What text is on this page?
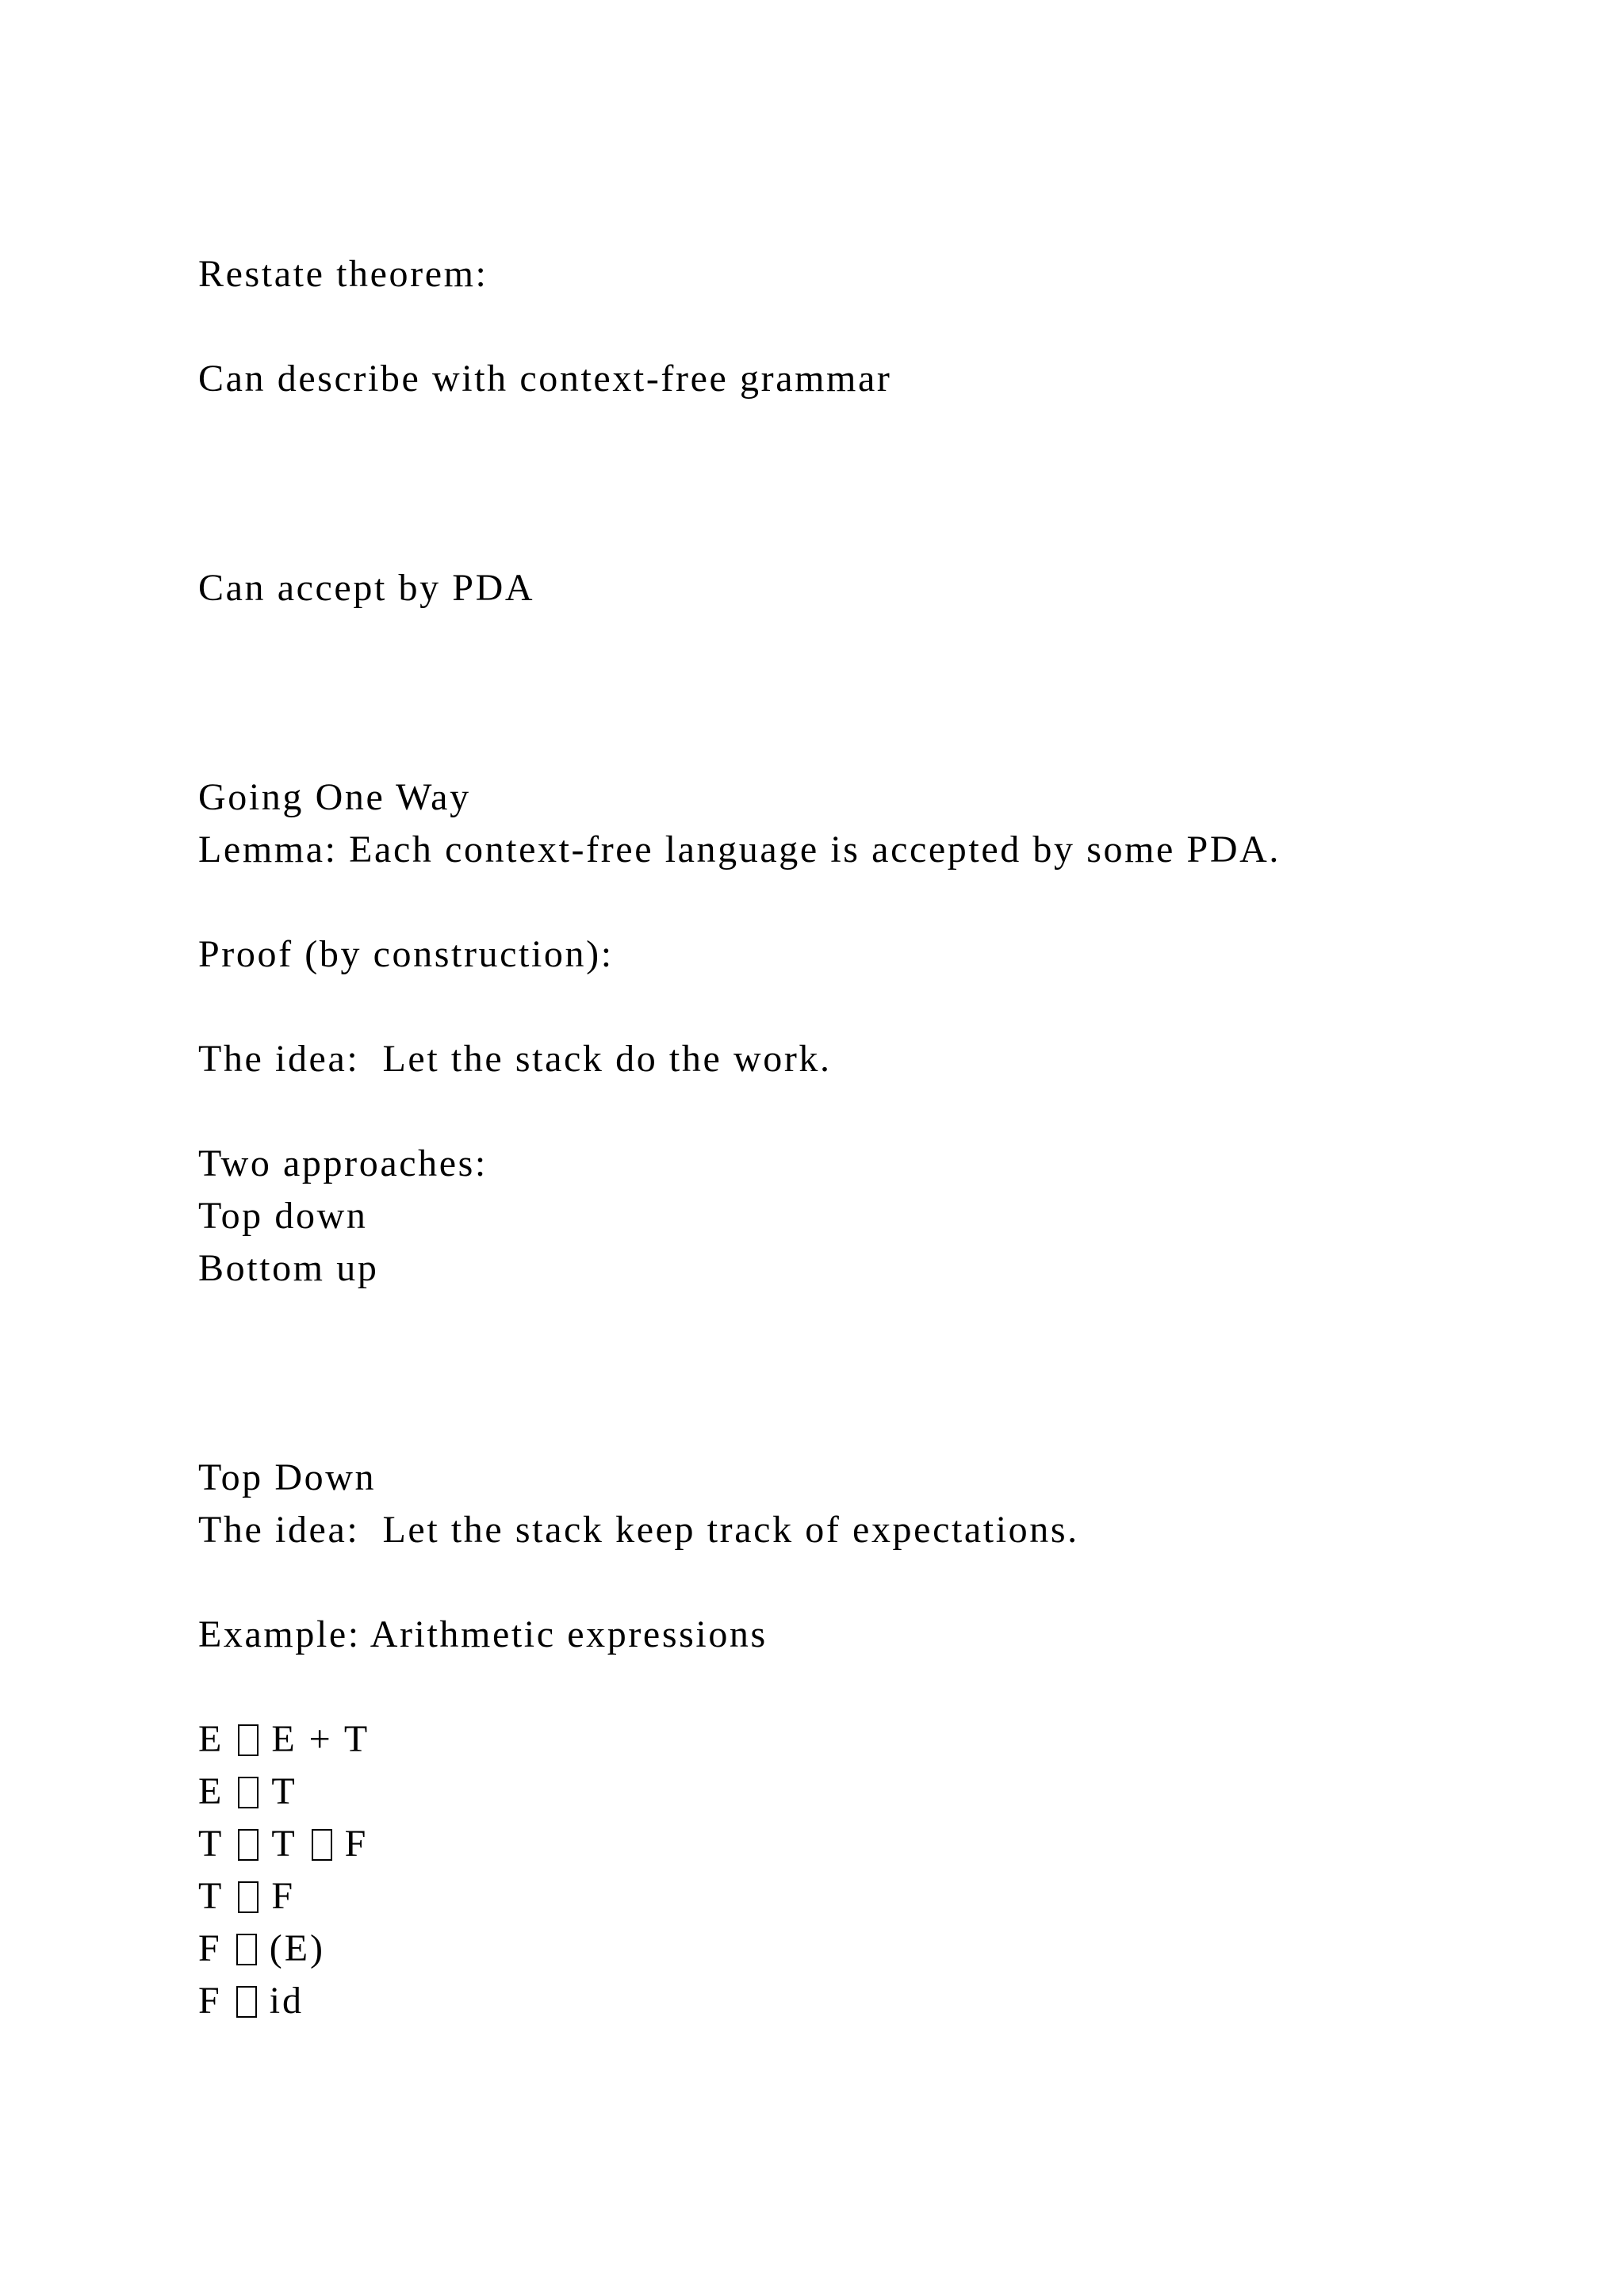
Restate theorem:

Can describe with context-free grammar

Can accept by PDA

Going One Way

Lemma: Each context-free language is accepted by some PDA.

Proof (by construction):

The idea:  Let the stack do the work.

Two approaches:

Top down

Bottom up

Top Down

The idea:  Let the stack keep track of expectations.

Example: Arithmetic expressions

E E + T
E T
T T F
T F
F (E)
F id
